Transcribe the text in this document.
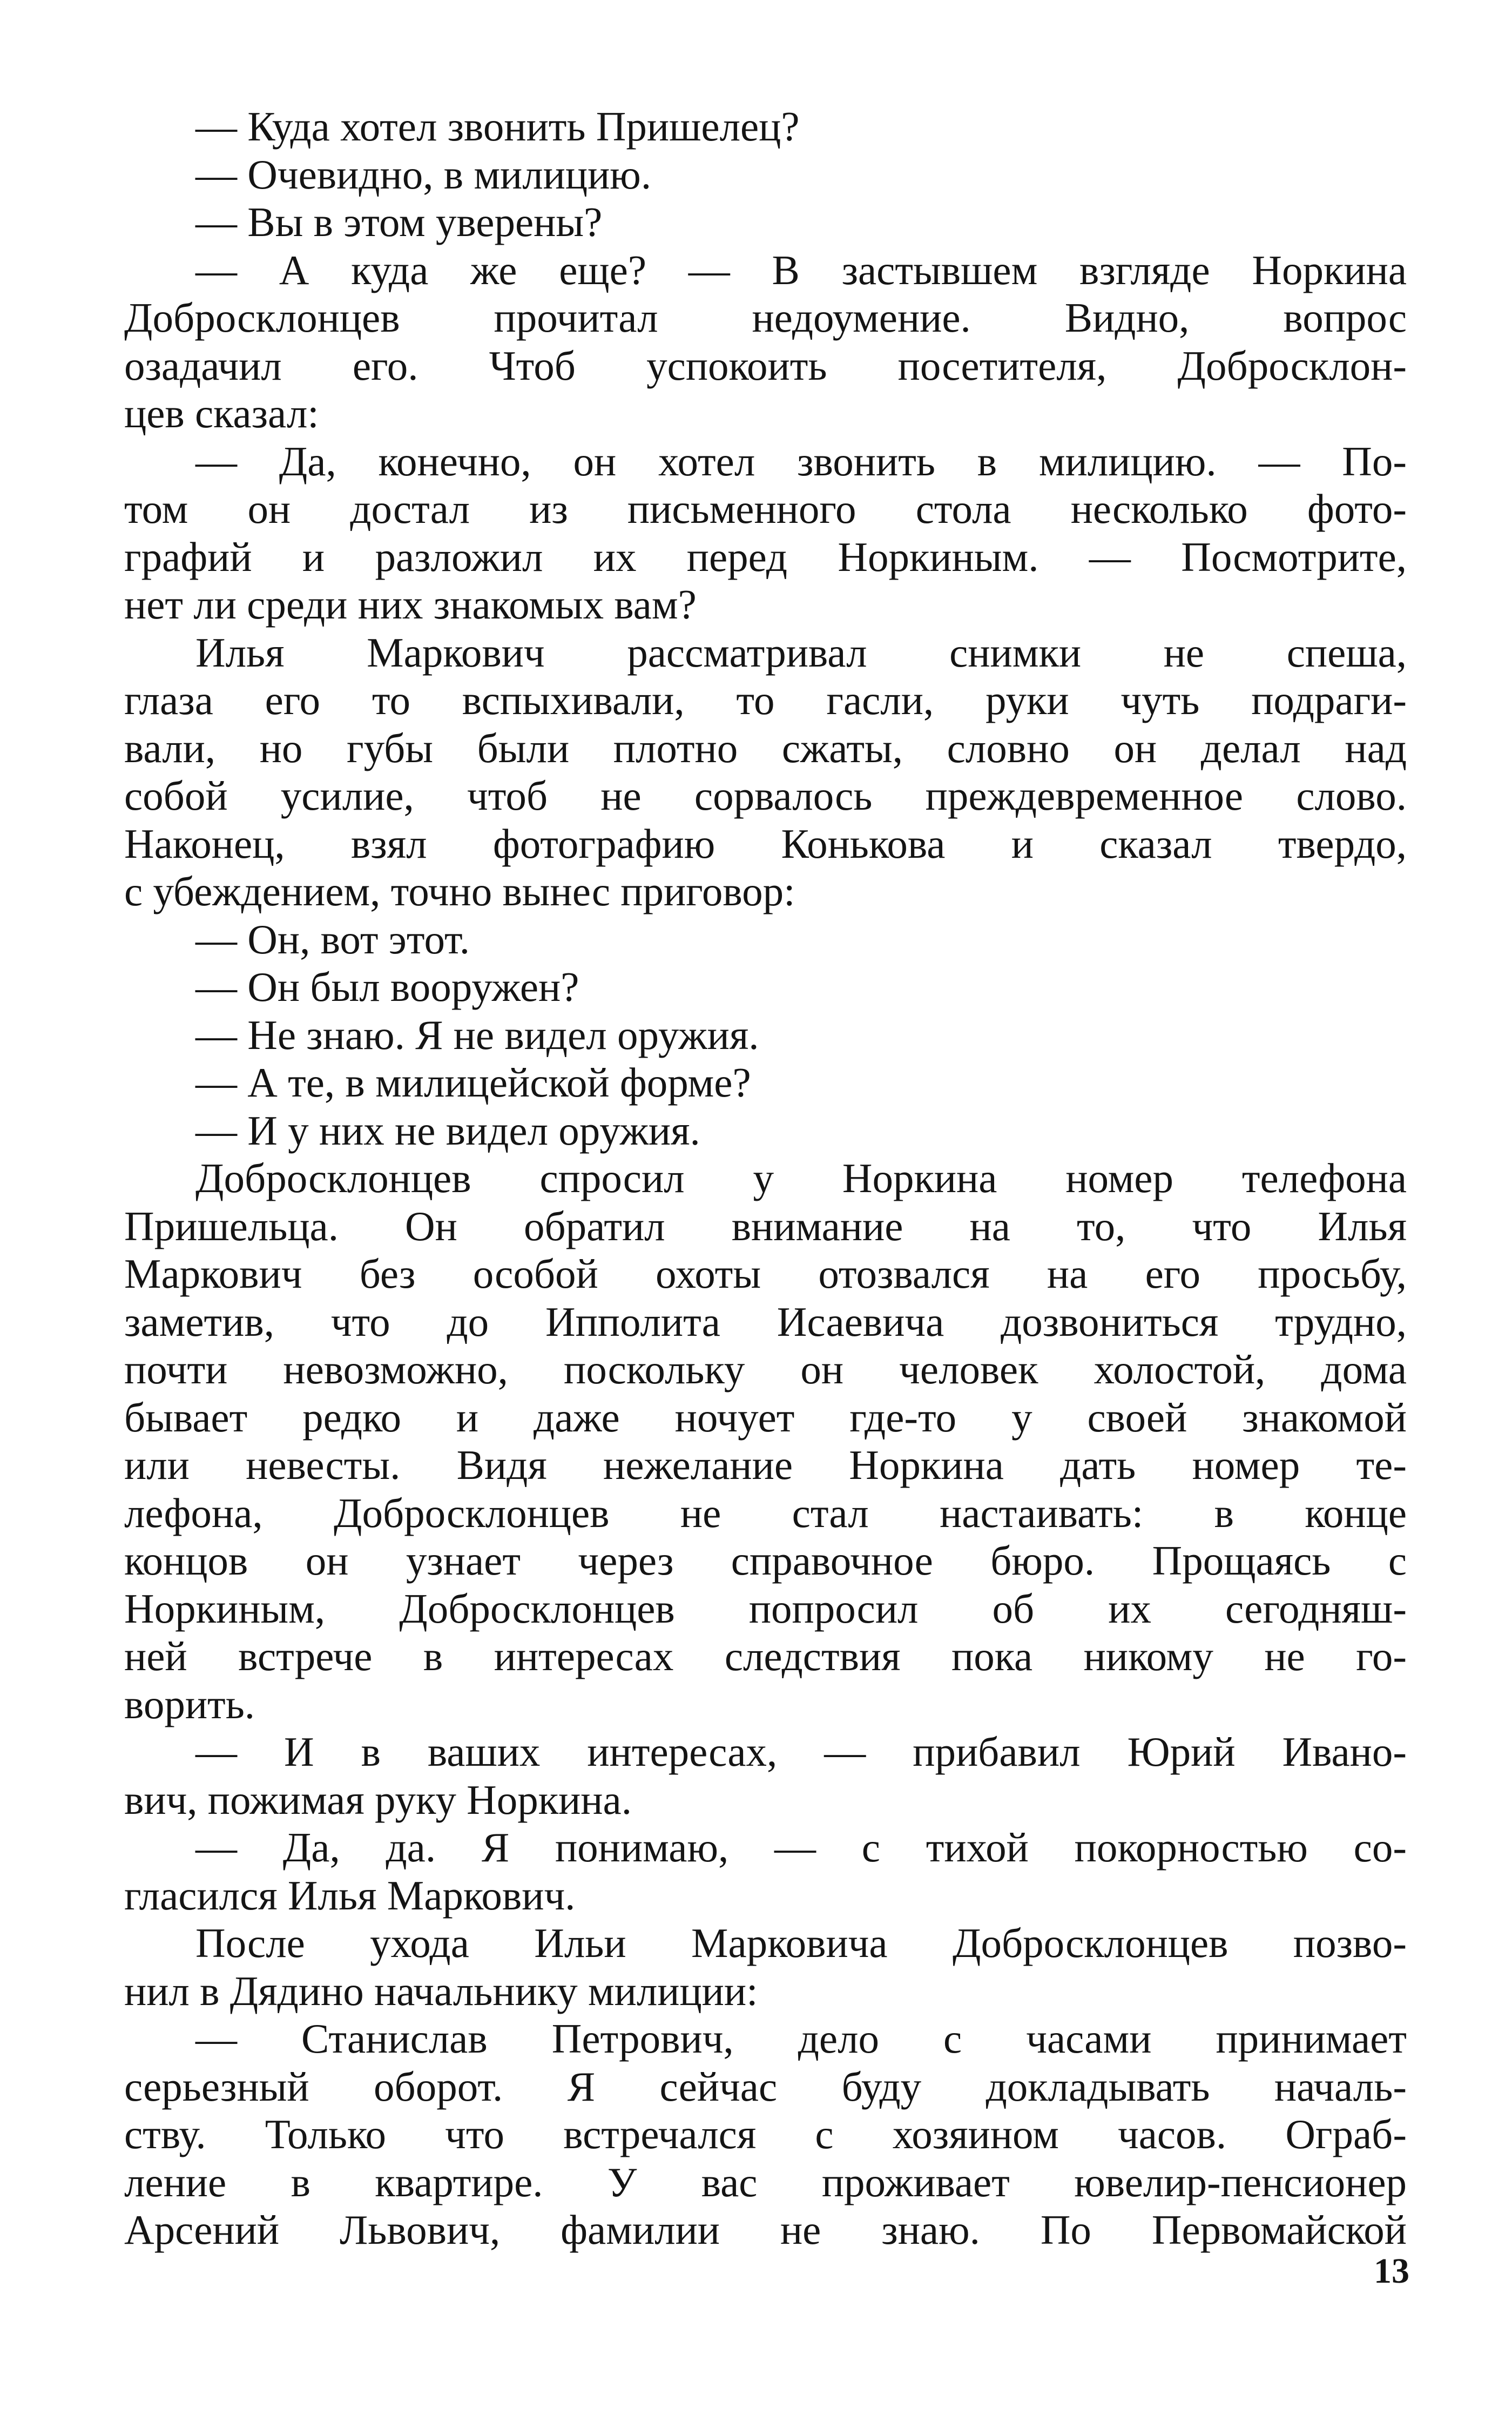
— Куда хотел звонить Пришелец?
— Очевидно, в милицию.
— Вы в этом уверены?
— А куда же еще? — В застывшем взгляде Норкина
Добросклонцев прочитал недоумение. Видно, вопрос
озадачил его. Чтоб успокоить посетителя, Добросклон-
цев сказал:
— Да, конечно, он хотел звонить в милицию. — По-
том он достал из письменного стола несколько фото-
графий и разложил их перед Норкиным. — Посмотрите,
нет ли среди них знакомых вам?
Илья Маркович рассматривал снимки не спеша,
глаза его то вспыхивали, то гасли, руки чуть подраги-
вали, но губы были плотно сжаты, словно он делал над
собой усилие, чтоб не сорвалось преждевременное слово.
Наконец, взял фотографию Конькова и сказал твердо,
с убеждением, точно вынес приговор:
— Он, вот этот.
— Он был вооружен?
— Не знаю. Я не видел оружия.
— А те, в милицейской форме?
— И у них не видел оружия.
Добросклонцев спросил у Норкина номер телефона
Пришельца. Он обратил внимание на то, что Илья
Маркович без особой охоты отозвался на его просьбу,
заметив, что до Ипполита Исаевича дозвониться трудно,
почти невозможно, поскольку он человек холостой, дома
бывает редко и даже ночует где-то у своей знакомой
или невесты. Видя нежелание Норкина дать номер те-
лефона, Добросклонцев не стал настаивать: в конце
концов он узнает через справочное бюро. Прощаясь с
Норкиным, Добросклонцев попросил об их сегодняш-
ней встрече в интересах следствия пока никому не го-
ворить.
— И в ваших интересах, — прибавил Юрий Ивано-
вич, пожимая руку Норкина.
— Да, да. Я понимаю, — с тихой покорностью со-
гласился Илья Маркович.
После ухода Ильи Марковича Добросклонцев позво-
нил в Дядино начальнику милиции:
— Станислав Петрович, дело с часами принимает
серьезный оборот. Я сейчас буду докладывать началь-
ству. Только что встречался с хозяином часов. Ограб-
ление в квартире. У вас проживает ювелир-пенсионер
Арсений Львович, фамилии не знаю. По Первомайской
13
